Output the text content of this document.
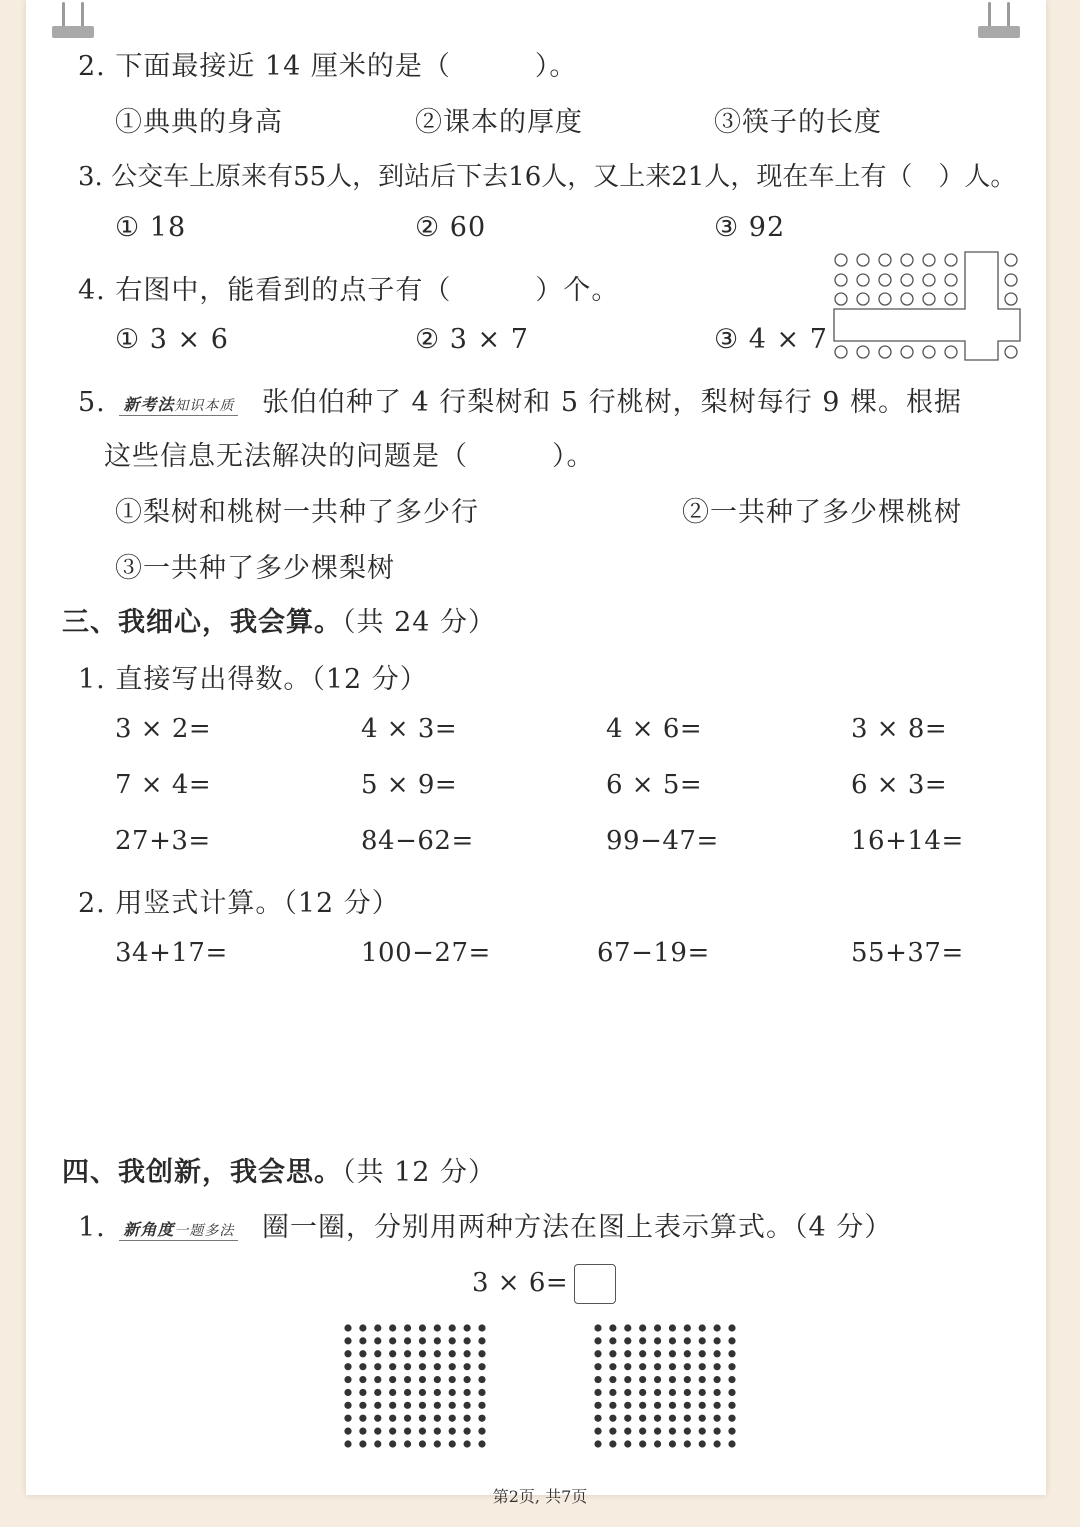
2. 下面最接近 14 厘米的是（　　　）。
①典典的身高	②课本的厚度	③筷子的长度
3. 公交车上原来有55人，到站后下去16人，又上来21人，现在车上有（　）人。
① 18	② 60	③ 92
4. 右图中，能看到的点子有（　　　）个。
① 3 × 6	② 3 × 7	③ 4 × 7
5. 新考法知识本质 张伯伯种了 4 行梨树和 5 行桃树，梨树每行 9 棵。根据
这些信息无法解决的问题是（　　　）。
①梨树和桃树一共种了多少行	②一共种了多少棵桃树
③一共种了多少棵梨树
三、我细心，我会算。（共 24 分）
1. 直接写出得数。（12 分）
3 × 2=	4 × 3=	4 × 6=	3 × 8=
7 × 4=	5 × 9=	6 × 5=	6 × 3=
27+3=	84−62=	99−47=	16+14=
2. 用竖式计算。（12 分）
34+17=	100−27=	67−19=	55+37=
四、我创新，我会思。（共 12 分）
1. 新角度一题多法 圈一圈，分别用两种方法在图上表示算式。（4 分）
3 × 6=
第2页, 共7页
